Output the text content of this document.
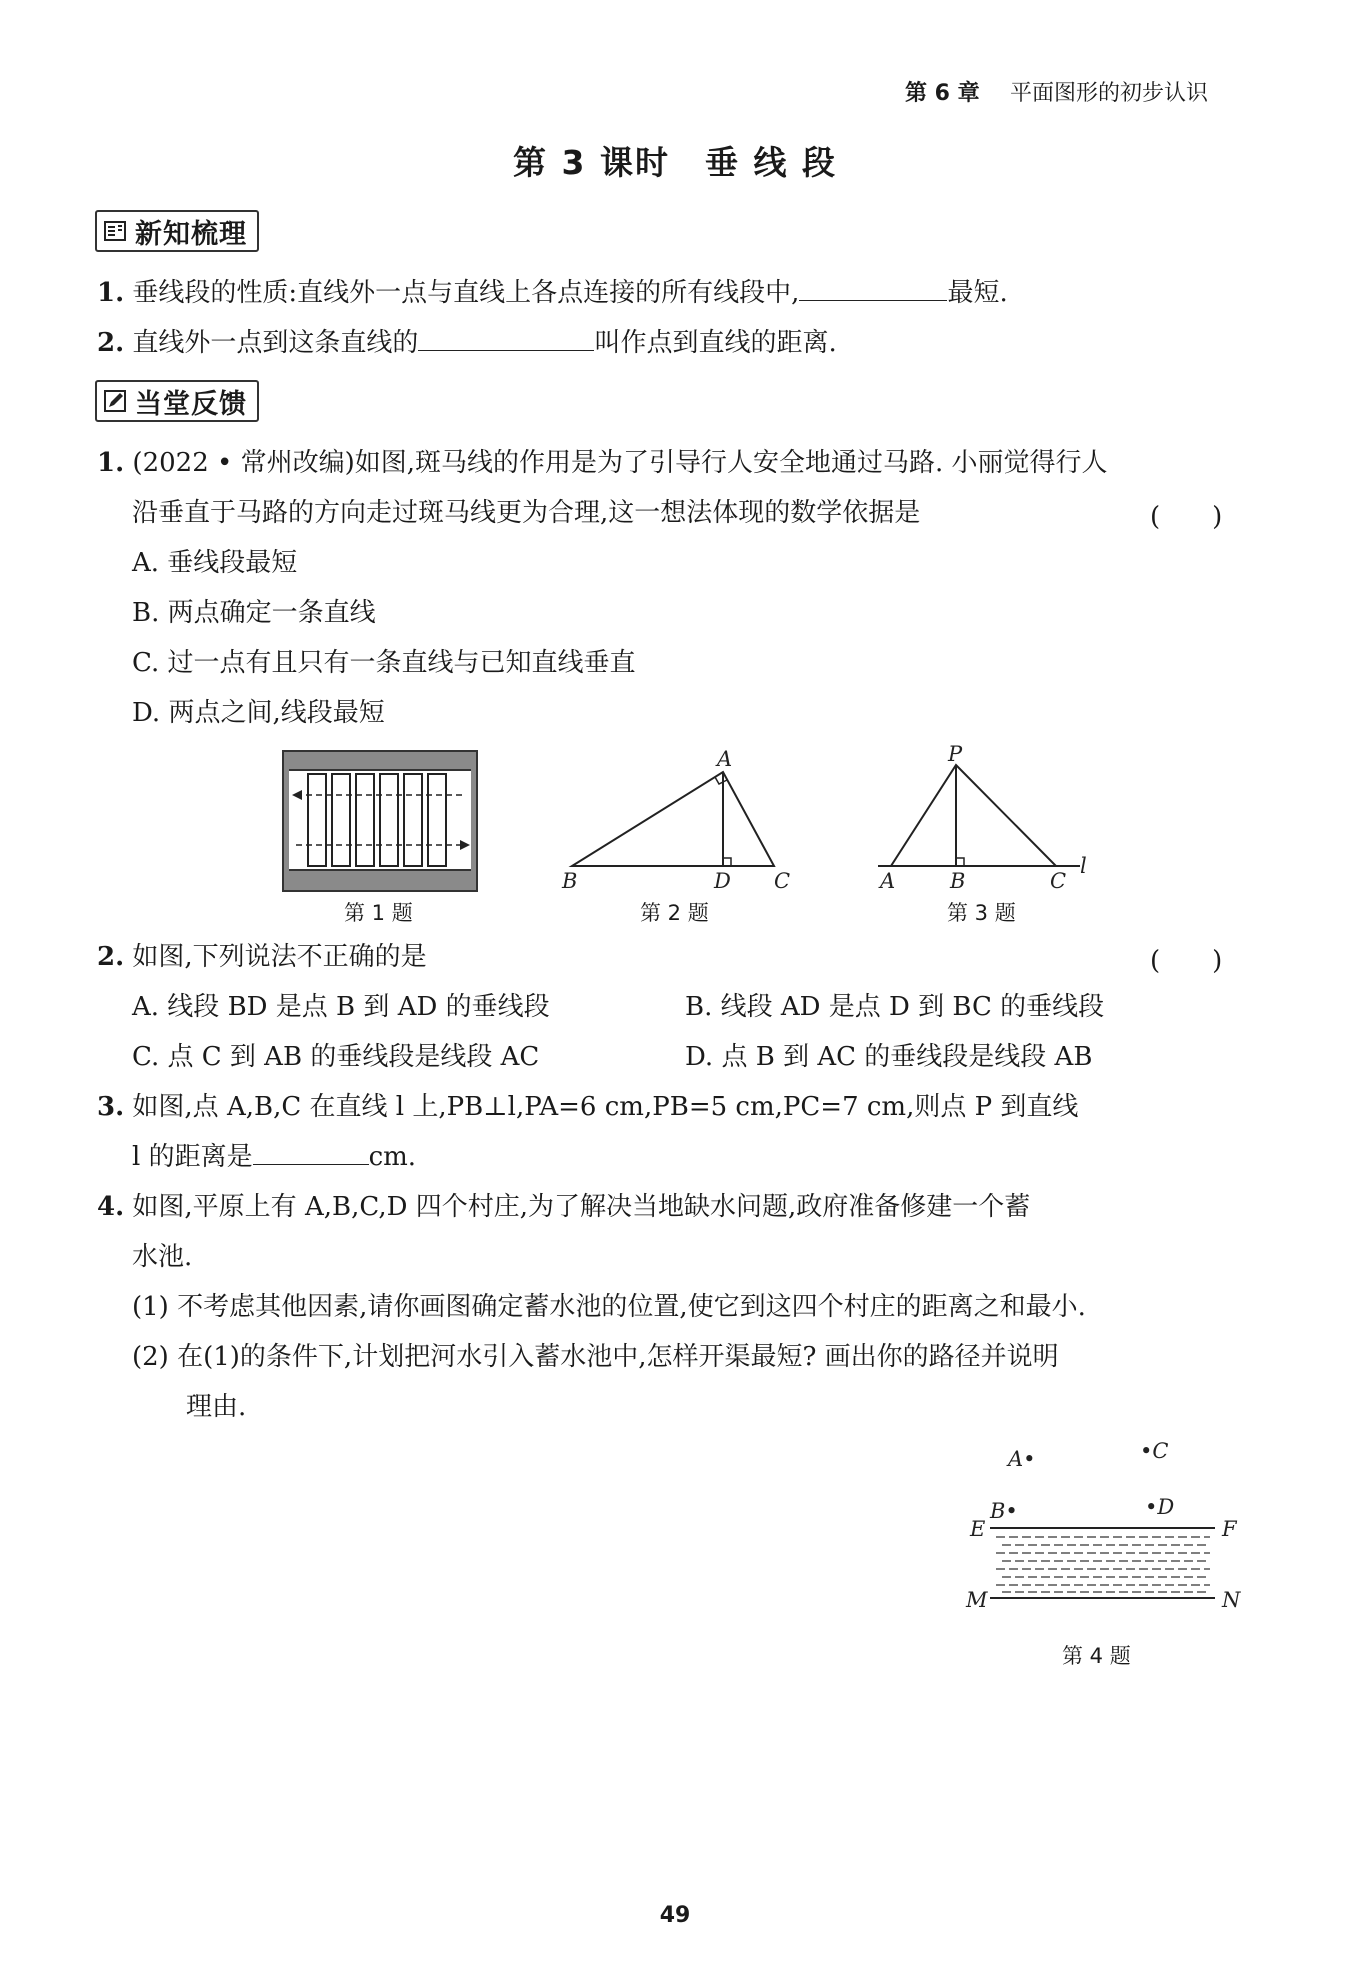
第 6 章 平面图形的初步认识
第 3 课时　垂 线 段
新知梳理
1. 垂线段的性质:直线外一点与直线上各点连接的所有线段中,	最短.
2. 直线外一点到这条直线的	叫作点到直线的距离.
当堂反馈
1. (2022 • 常州改编)如图,斑马线的作用是为了引导行人安全地通过马路. 小丽觉得行人
沿垂直于马路的方向走过斑马线更为合理,这一想法体现的数学依据是	(　　)
A. 垂线段最短
B. 两点确定一条直线
C. 过一点有且只有一条直线与已知直线垂直
D. 两点之间,线段最短
第 1 题
A
B	D C
第 2 题
P
A	B	C
l
第 3 题
2. 如图,下列说法不正确的是	(　　)
A. 线段 BD 是点 B 到 AD 的垂线段	B. 线段 AD 是点 D 到 BC 的垂线段
C. 点 C 到 AB 的垂线段是线段 AC	D. 点 B 到 AC 的垂线段是线段 AB
3. 如图,点 A,B,C 在直线 l 上,PB⊥l,PA=6 cm,PB=5 cm,PC=7 cm,则点 P 到直线
l 的距离是	cm.
4. 如图,平原上有 A,B,C,D 四个村庄,为了解决当地缺水问题,政府准备修建一个蓄
水池.
(1) 不考虑其他因素,请你画图确定蓄水池的位置,使它到这四个村庄的距离之和最小.
(2) 在(1)的条件下,计划把河水引入蓄水池中,怎样开渠最短? 画出你的路径并说明
理由.
A•	•C
B•	•D
E	F
M	N
第 4 题
49
